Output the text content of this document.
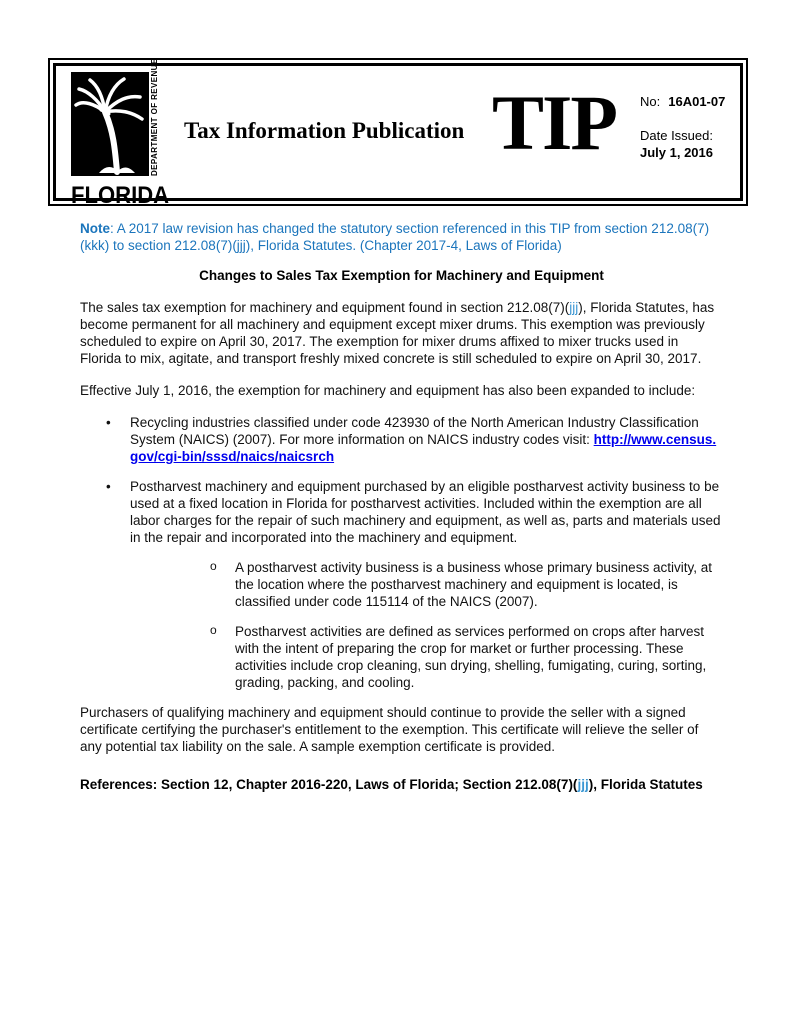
DEPARTMENT OF REVENUE
FLORIDA
Tax Information Publication TIP No: 16A01-07
Date Issued:
July 1, 2016

Note: A 2017 law revision has changed the statutory section referenced in this TIP from section 212.08(7)(kkk) to section 212.08(7)(jjj), Florida Statutes. (Chapter 2017-4, Laws of Florida)

Changes to Sales Tax Exemption for Machinery and Equipment

The sales tax exemption for machinery and equipment found in section 212.08(7)(jjj), Florida Statutes, has become permanent for all machinery and equipment except mixer drums. This exemption was previously scheduled to expire on April 30, 2017. The exemption for mixer drums affixed to mixer trucks used in Florida to mix, agitate, and transport freshly mixed concrete is still scheduled to expire on April 30, 2017.

Effective July 1, 2016, the exemption for machinery and equipment has also been expanded to include:

• Recycling industries classified under code 423930 of the North American Industry Classification System (NAICS) (2007). For more information on NAICS industry codes visit: http://www.census.gov/cgi-bin/sssd/naics/naicsrch
• Postharvest machinery and equipment purchased by an eligible postharvest activity business to be used at a fixed location in Florida for postharvest activities. Included within the exemption are all labor charges for the repair of such machinery and equipment, as well as, parts and materials used in the repair and incorporated into the machinery and equipment.
o A postharvest activity business is a business whose primary business activity, at the location where the postharvest machinery and equipment is located, is classified under code 115114 of the NAICS (2007).
o Postharvest activities are defined as services performed on crops after harvest with the intent of preparing the crop for market or further processing. These activities include crop cleaning, sun drying, shelling, fumigating, curing, sorting, grading, packing, and cooling.

Purchasers of qualifying machinery and equipment should continue to provide the seller with a signed certificate certifying the purchaser's entitlement to the exemption. This certificate will relieve the seller of any potential tax liability on the sale. A sample exemption certificate is provided.

References: Section 12, Chapter 2016-220, Laws of Florida; Section 212.08(7)(jjj), Florida Statutes
